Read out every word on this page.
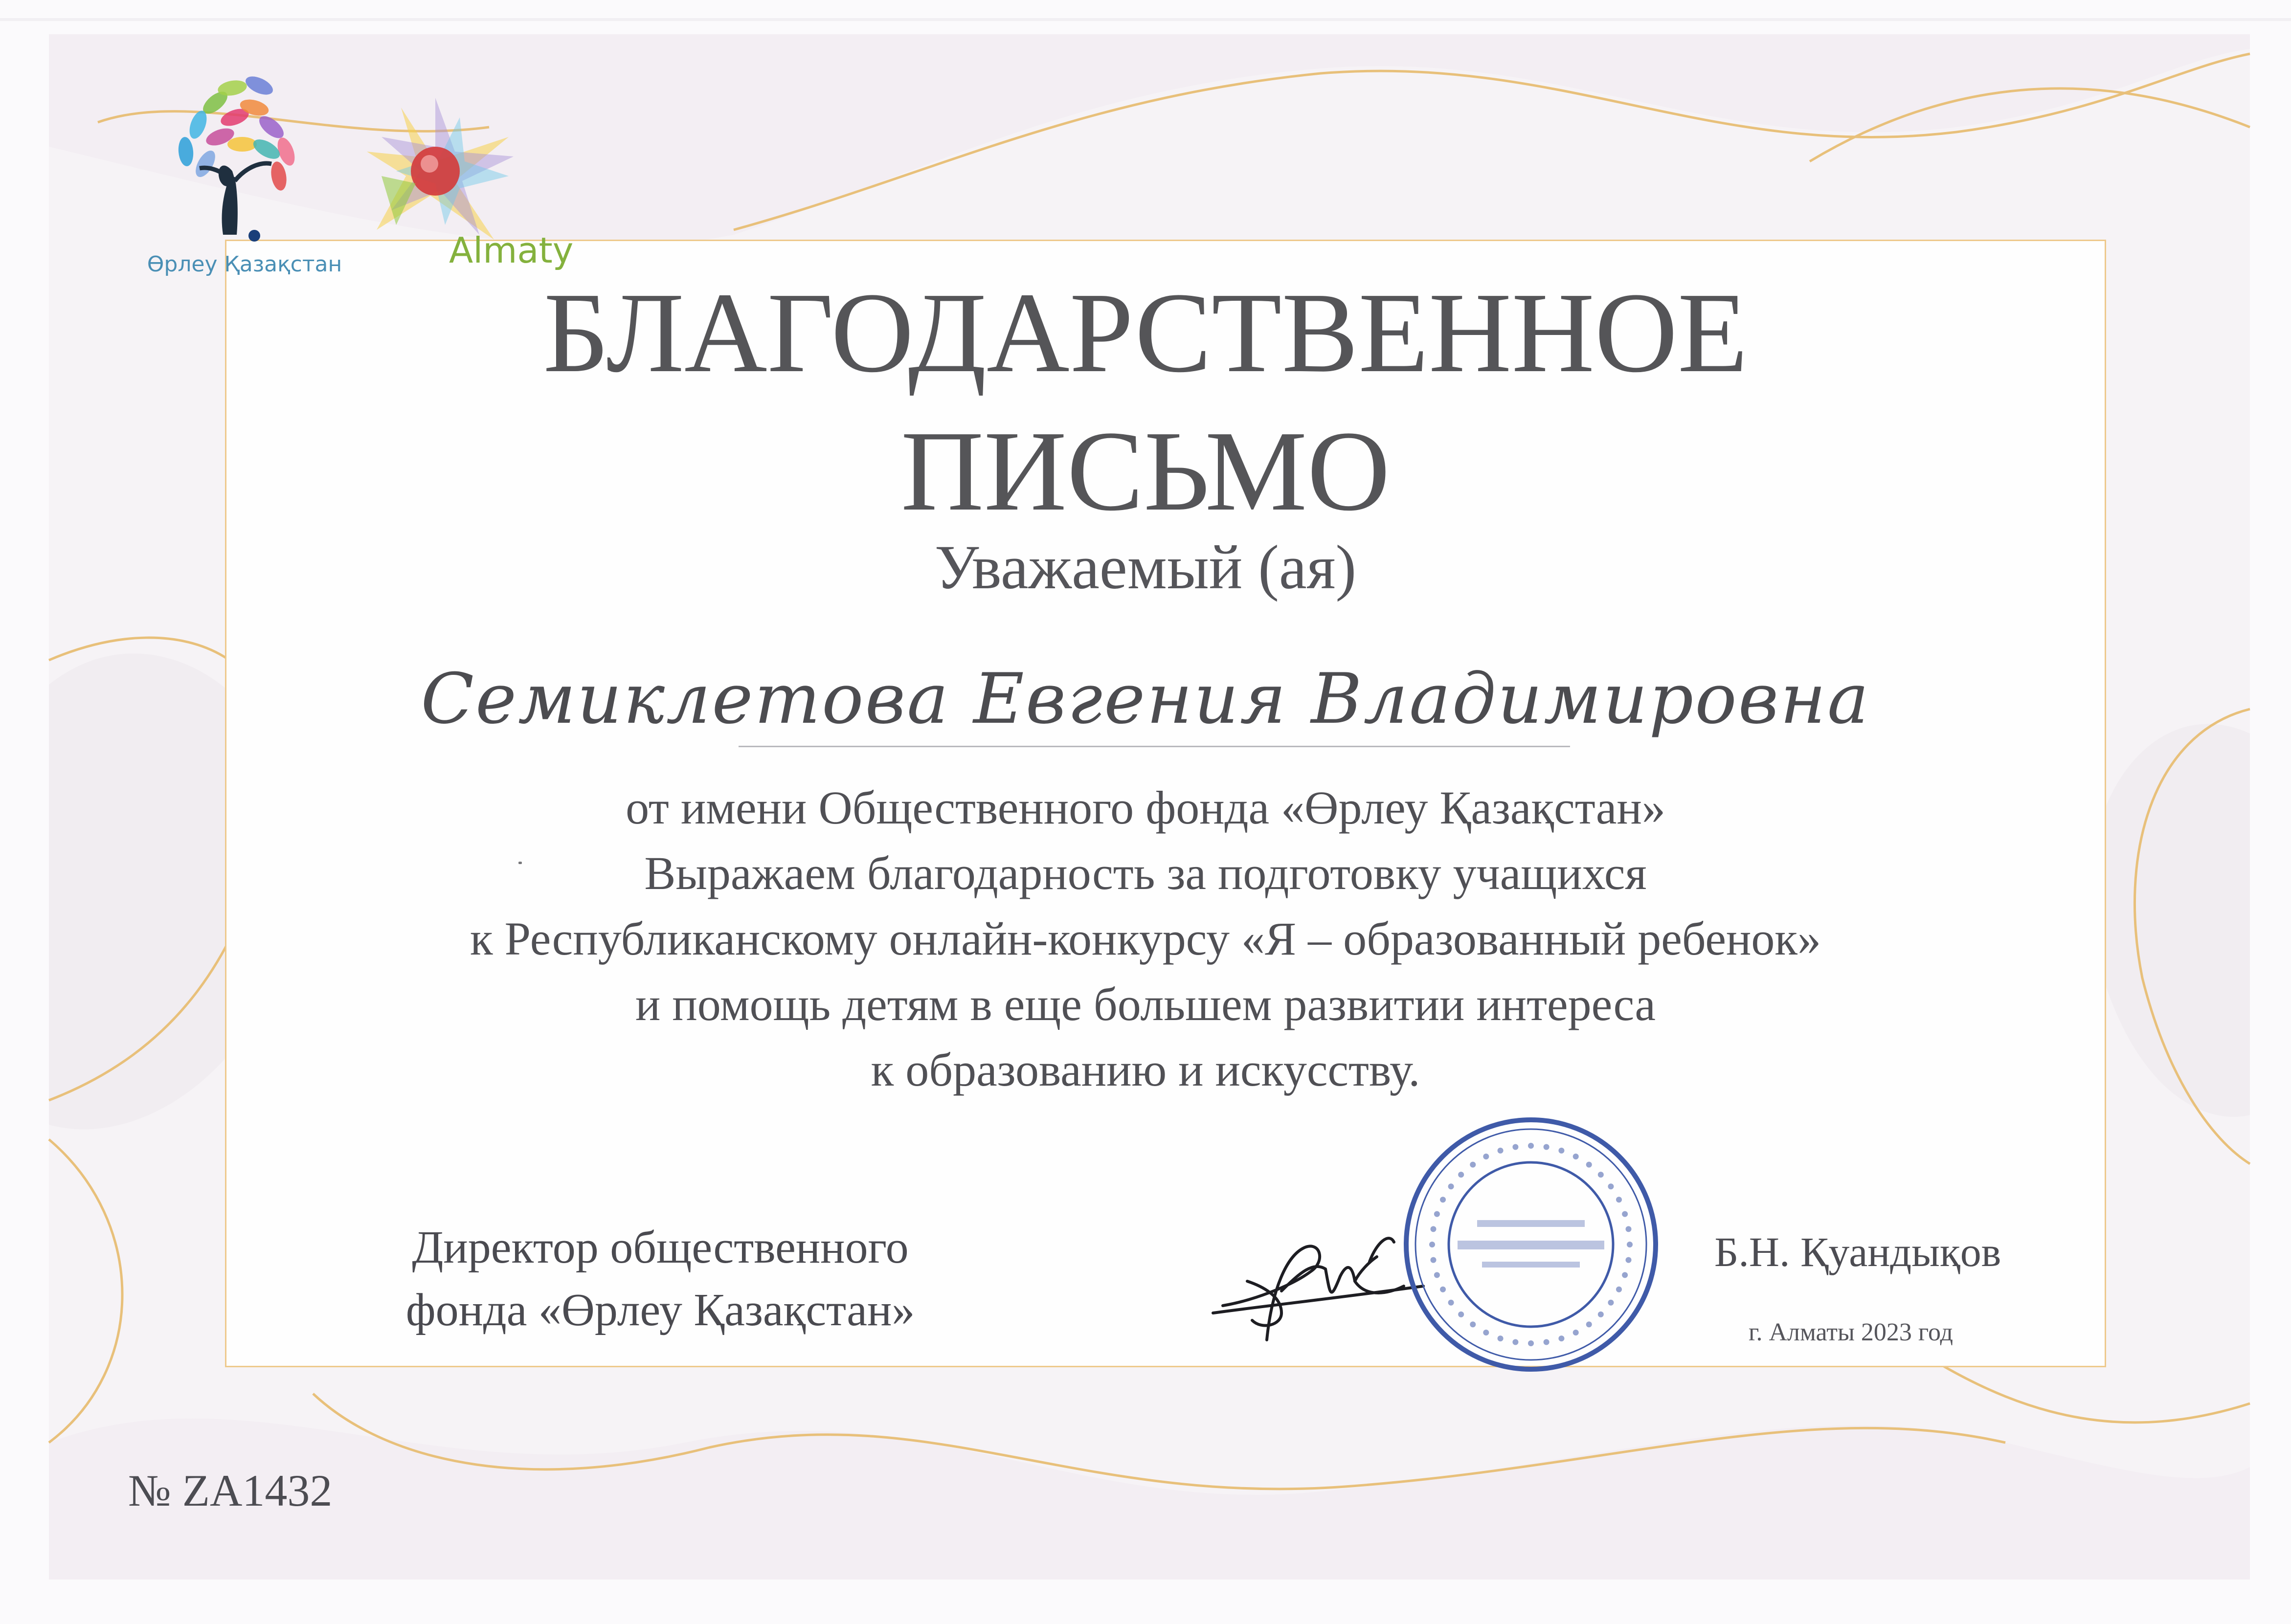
Өрлеу Қазақстан	Almaty
БЛАГОДАРСТВЕННОЕ
ПИСЬМО
Уважаемый (ая)
Семиклетова Евгения Владимировна
от имени Общественного фонда «Өрлеу Қазақстан»
Выражаем благодарность за подготовку учащихся
к Республиканскому онлайн-конкурсу «Я – образованный ребенок»
и помощь детям в еще большем развитии интереса
к образованию и искусству.
Директор общественного
фонда «Өрлеу Қазақстан»
Б.Н. Қуандықов
г. Алматы 2023 год
№ ZA1432
